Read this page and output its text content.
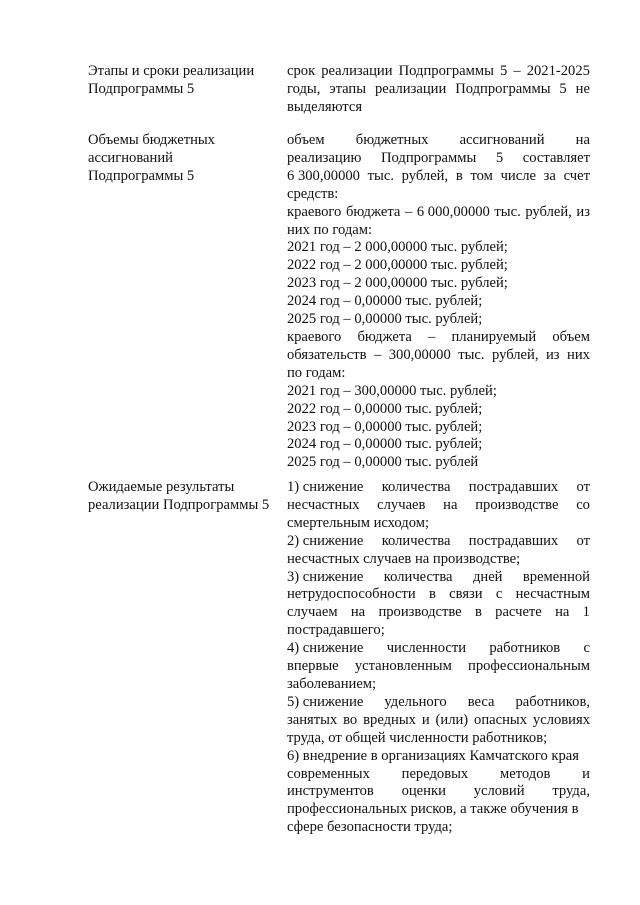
Этапы и сроки реализации
Подпрограммы 5
срок реализации Подпрограммы 5 – 2021-2025
годы, этапы реализации Подпрограммы 5 не
выделяются
Объемы бюджетных
ассигнований
Подпрограммы 5
объем бюджетных ассигнований на
реализацию Подпрограммы 5 составляет
6 300,00000 тыс. рублей, в том числе за счет
средств:
краевого бюджета – 6 000,00000 тыс. рублей, из
них по годам:
2021 год – 2 000,00000 тыс. рублей;
2022 год – 2 000,00000 тыс. рублей;
2023 год – 2 000,00000 тыс. рублей;
2024 год – 0,00000 тыс. рублей;
2025 год – 0,00000 тыс. рублей;
краевого бюджета – планируемый объем
обязательств – 300,00000 тыс. рублей, из них
по годам:
2021 год – 300,00000 тыс. рублей;
2022 год – 0,00000 тыс. рублей;
2023 год – 0,00000 тыс. рублей;
2024 год – 0,00000 тыс. рублей;
2025 год – 0,00000 тыс. рублей
Ожидаемые результаты
реализации Подпрограммы 5
1) снижение количества пострадавших от
несчастных случаев на производстве со
смертельным исходом;
2) снижение количества пострадавших от
несчастных случаев на производстве;
3) снижение количества дней временной
нетрудоспособности в связи с несчастным
случаем на производстве в расчете на 1
пострадавшего;
4) снижение численности работников с
впервые установленным профессиональным
заболеванием;
5) снижение удельного веса работников,
занятых во вредных и (или) опасных условиях
труда, от общей численности работников;
6) внедрение в организациях Камчатского края
современных передовых методов и
инструментов оценки условий труда,
профессиональных рисков, а также обучения в
сфере безопасности труда;
